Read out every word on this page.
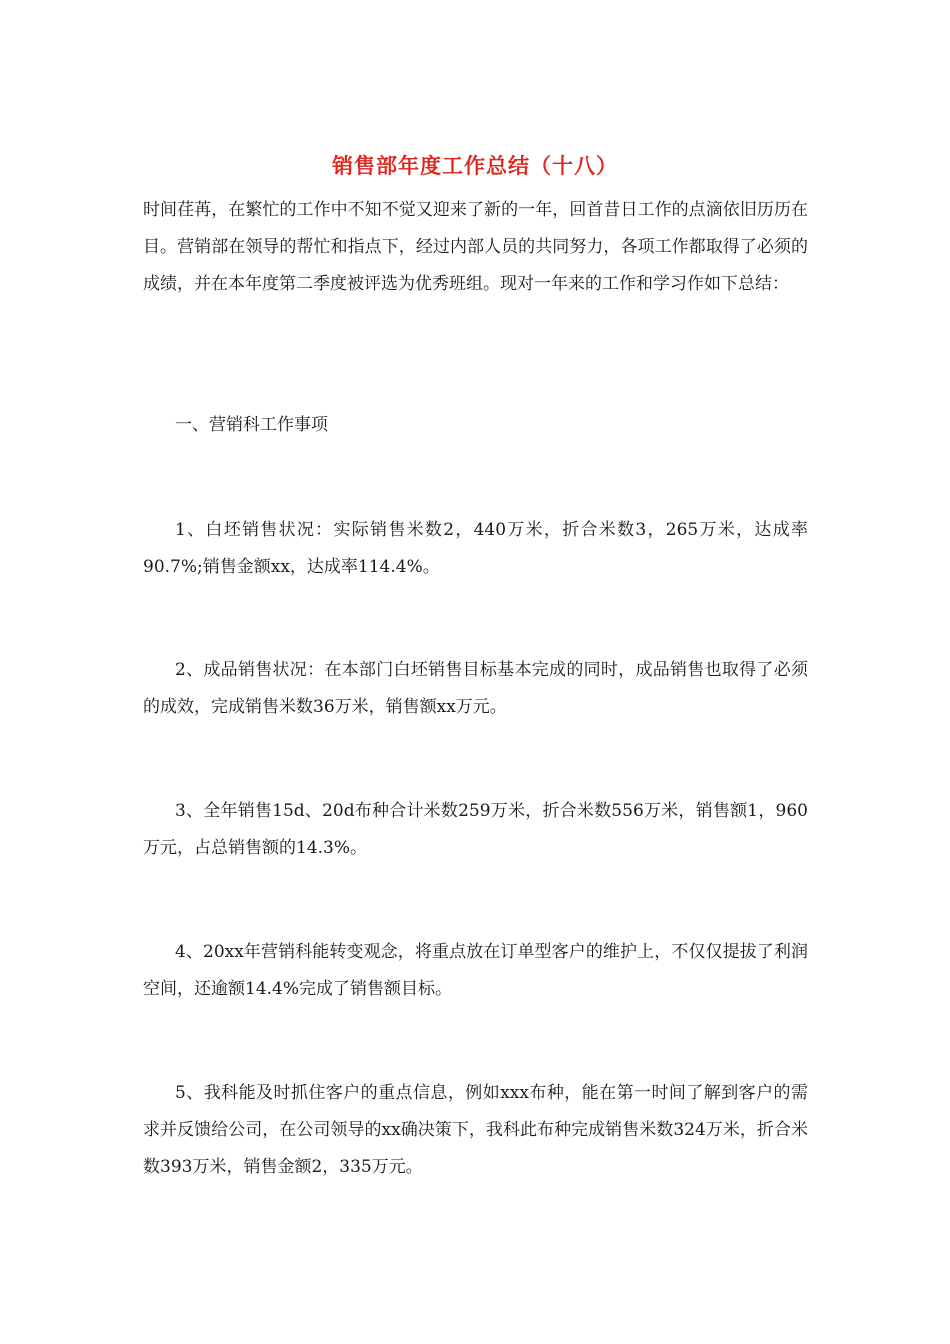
销售部年度工作总结（十八）

时间荏苒，在繁忙的工作中不知不觉又迎来了新的一年，回首昔日工作的点滴依旧历历在目。营销部在领导的帮忙和指点下，经过内部人员的共同努力，各项工作都取得了必须的成绩，并在本年度第二季度被评选为优秀班组。现对一年来的工作和学习作如下总结：

一、营销科工作事项

1、白坯销售状况：实际销售米数2，440万米，折合米数3，265万米，达成率90.7%;销售金额xx，达成率114.4%。

2、成品销售状况：在本部门白坯销售目标基本完成的同时，成品销售也取得了必须的成效，完成销售米数36万米，销售额xx万元。

3、全年销售15d、20d布种合计米数259万米，折合米数556万米，销售额1，960万元，占总销售额的14.3%。

4、20xx年营销科能转变观念，将重点放在订单型客户的维护上，不仅仅提拔了利润空间，还逾额14.4%完成了销售额目标。

5、我科能及时抓住客户的重点信息，例如xxx布种，能在第一时间了解到客户的需求并反馈给公司，在公司领导的xx确决策下，我科此布种完成销售米数324万米，折合米数393万米，销售金额2，335万元。
